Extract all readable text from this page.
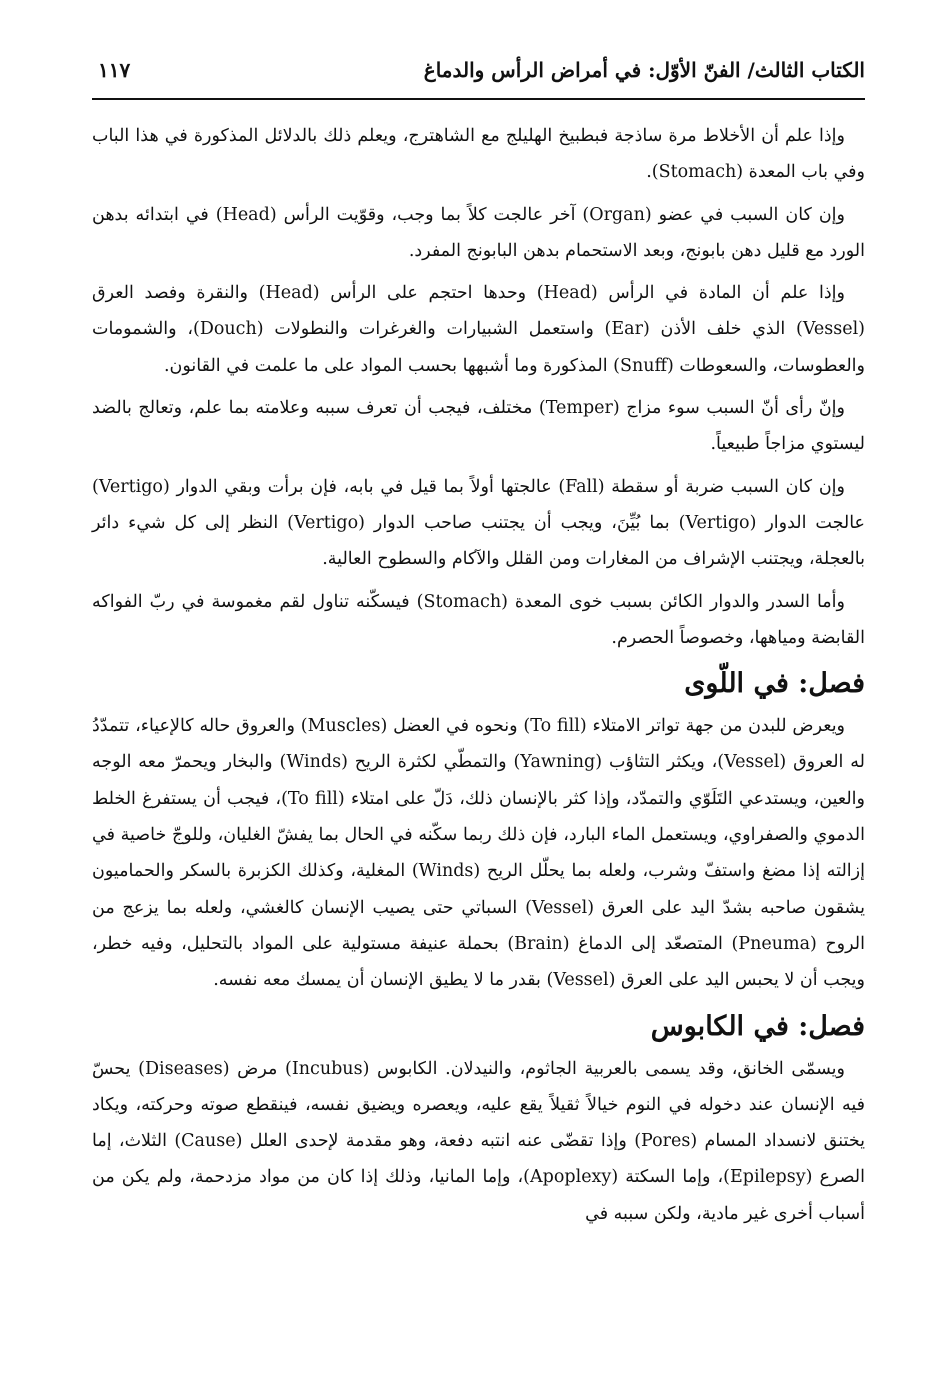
الكتاب الثالث/ الفنّ الأوّل: في أمراض الرأس والدماغ
١١٧

وإذا علم أن الأخلاط مرة ساذجة فبطبيخ الهليلج مع الشاهترج، ويعلم ذلك بالدلائل المذكورة في هذا الباب وفي باب المعدة (Stomach).

وإن كان السبب في عضو (Organ) آخر عالجت كلاً بما وجب، وقوّيت الرأس (Head) في ابتدائه بدهن الورد مع قليل دهن بابونج، وبعد الاستحمام بدهن البابونج المفرد.

وإذا علم أن المادة في الرأس (Head) وحدها احتجم على الرأس (Head) والنقرة وفصد العرق (Vessel) الذي خلف الأذن (Ear) واستعمل الشبيارات والغرغرات والنطولات (Douch)، والشمومات والعطوسات، والسعوطات (Snuff) المذكورة وما أشبهها بحسب المواد على ما علمت في القانون.

وإنّ رأى أنّ السبب سوء مزاج (Temper) مختلف، فيجب أن تعرف سببه وعلامته بما علم، وتعالج بالضد ليستوي مزاجاً طبيعياً.

وإن كان السبب ضربة أو سقطة (Fall) عالجتها أولاً بما قيل في بابه، فإن برأت وبقي الدوار (Vertigo) عالجت الدوار (Vertigo) بما بُيِّنَ، ويجب أن يجتنب صاحب الدوار (Vertigo) النظر إلى كل شيء دائر بالعجلة، ويجتنب الإشراف من المغارات ومن القلل والآكام والسطوح العالية.

وأما السدر والدوار الكائن بسبب خوى المعدة (Stomach) فيسكّنه تناول لقم مغموسة في ربّ الفواكه القابضة ومياهها، وخصوصاً الحصرم.

فصل: في اللّوى

ويعرض للبدن من جهة تواتر الامتلاء (To fill) ونحوه في العضل (Muscles) والعروق حاله كالإعياء، تتمدّدُ له العروق (Vessel)، ويكثر التثاؤب (Yawning) والتمطّي لكثرة الريح (Winds) والبخار ويحمرّ معه الوجه والعين، ويستدعي التَلَوّي والتمدّد، وإذا كثر بالإنسان ذلك، دَلّ على امتلاء (To fill)، فيجب أن يستفرغ الخلط الدموي والصفراوي، ويستعمل الماء البارد، فإن ذلك ربما سكّنه في الحال بما يفشّ الغليان، وللوجّ خاصية في إزالته إذا مضغ واستفّ وشرب، ولعله بما يحلّل الريح (Winds) المغلية، وكذلك الكزبرة بالسكر والحماميون يشقون صاحبه بشدّ اليد على العرق (Vessel) السباتي حتى يصيب الإنسان كالغشي، ولعله بما يزعج من الروح (Pneuma) المتصعّد إلى الدماغ (Brain) بحملة عنيفة مستولية على المواد بالتحليل، وفيه خطر، ويجب أن لا يحبس اليد على العرق (Vessel) بقدر ما لا يطيق الإنسان أن يمسك معه نفسه.

فصل: في الكابوس

ويسمّى الخانق، وقد يسمى بالعربية الجاثوم، والنيدلان. الكابوس (Incubus) مرض (Diseases) يحسّ فيه الإنسان عند دخوله في النوم خيالاً ثقيلاً يقع عليه، ويعصره ويضيق نفسه، فينقطع صوته وحركته، ويكاد يختنق لانسداد المسام (Pores) وإذا تقضّى عنه انتبه دفعة، وهو مقدمة لإحدى العلل (Cause) الثلاث، إما الصرع (Epilepsy)، وإما السكتة (Apoplexy)، وإما المانيا، وذلك إذا كان من مواد مزدحمة، ولم يكن من أسباب أخرى غير مادية، ولكن سببه في
